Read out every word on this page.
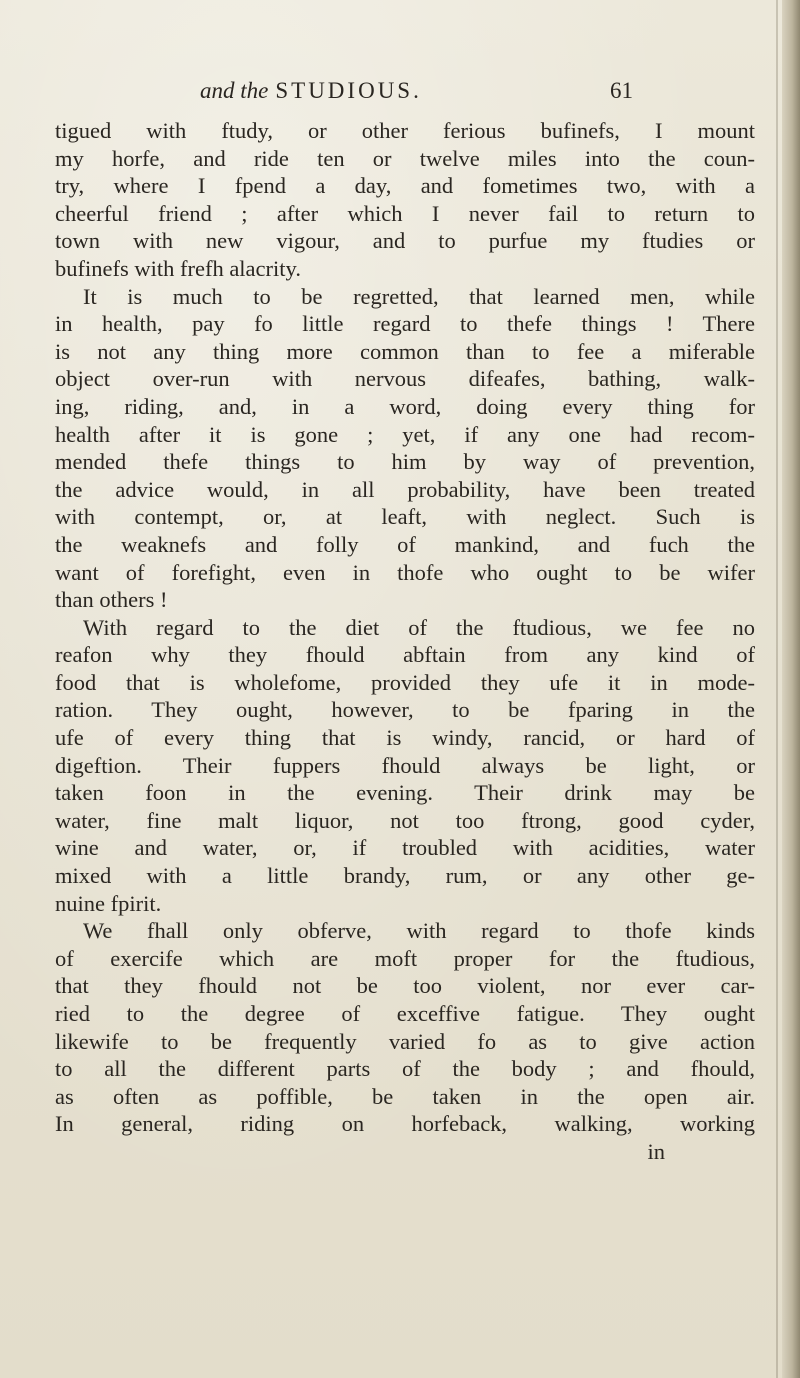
and the STUDIOUS.	61
tigued with ftudy, or other ferious bufinefs, I mount
my horfe, and ride ten or twelve miles into the coun-
try, where I fpend a day, and fometimes two, with a
cheerful friend ; after which I never fail to return to
town with new vigour, and to purfue my ftudies or
bufinefs with frefh alacrity.
It is much to be regretted, that learned men, while
in health, pay fo little regard to thefe things ! There
is not any thing more common than to fee a miferable
object over-run with nervous difeafes, bathing, walk-
ing, riding, and, in a word, doing every thing for
health after it is gone ; yet, if any one had recom-
mended thefe things to him by way of prevention,
the advice would, in all probability, have been treated
with contempt, or, at leaft, with neglect. Such is
the weaknefs and folly of mankind, and fuch the
want of forefight, even in thofe who ought to be wifer
than others !
With regard to the diet of the ftudious, we fee no
reafon why they fhould abftain from any kind of
food that is wholefome, provided they ufe it in mode-
ration. They ought, however, to be fparing in the
ufe of every thing that is windy, rancid, or hard of
digeftion. Their fuppers fhould always be light, or
taken foon in the evening. Their drink may be
water, fine malt liquor, not too ftrong, good cyder,
wine and water, or, if troubled with acidities, water
mixed with a little brandy, rum, or any other ge-
nuine fpirit.
We fhall only obferve, with regard to thofe kinds
of exercife which are moft proper for the ftudious,
that they fhould not be too violent, nor ever car-
ried to the degree of exceffive fatigue. They ought
likewife to be frequently varied fo as to give action
to all the different parts of the body ; and fhould,
as often as poffible, be taken in the open air.
In general, riding on horfeback, walking, working
in
